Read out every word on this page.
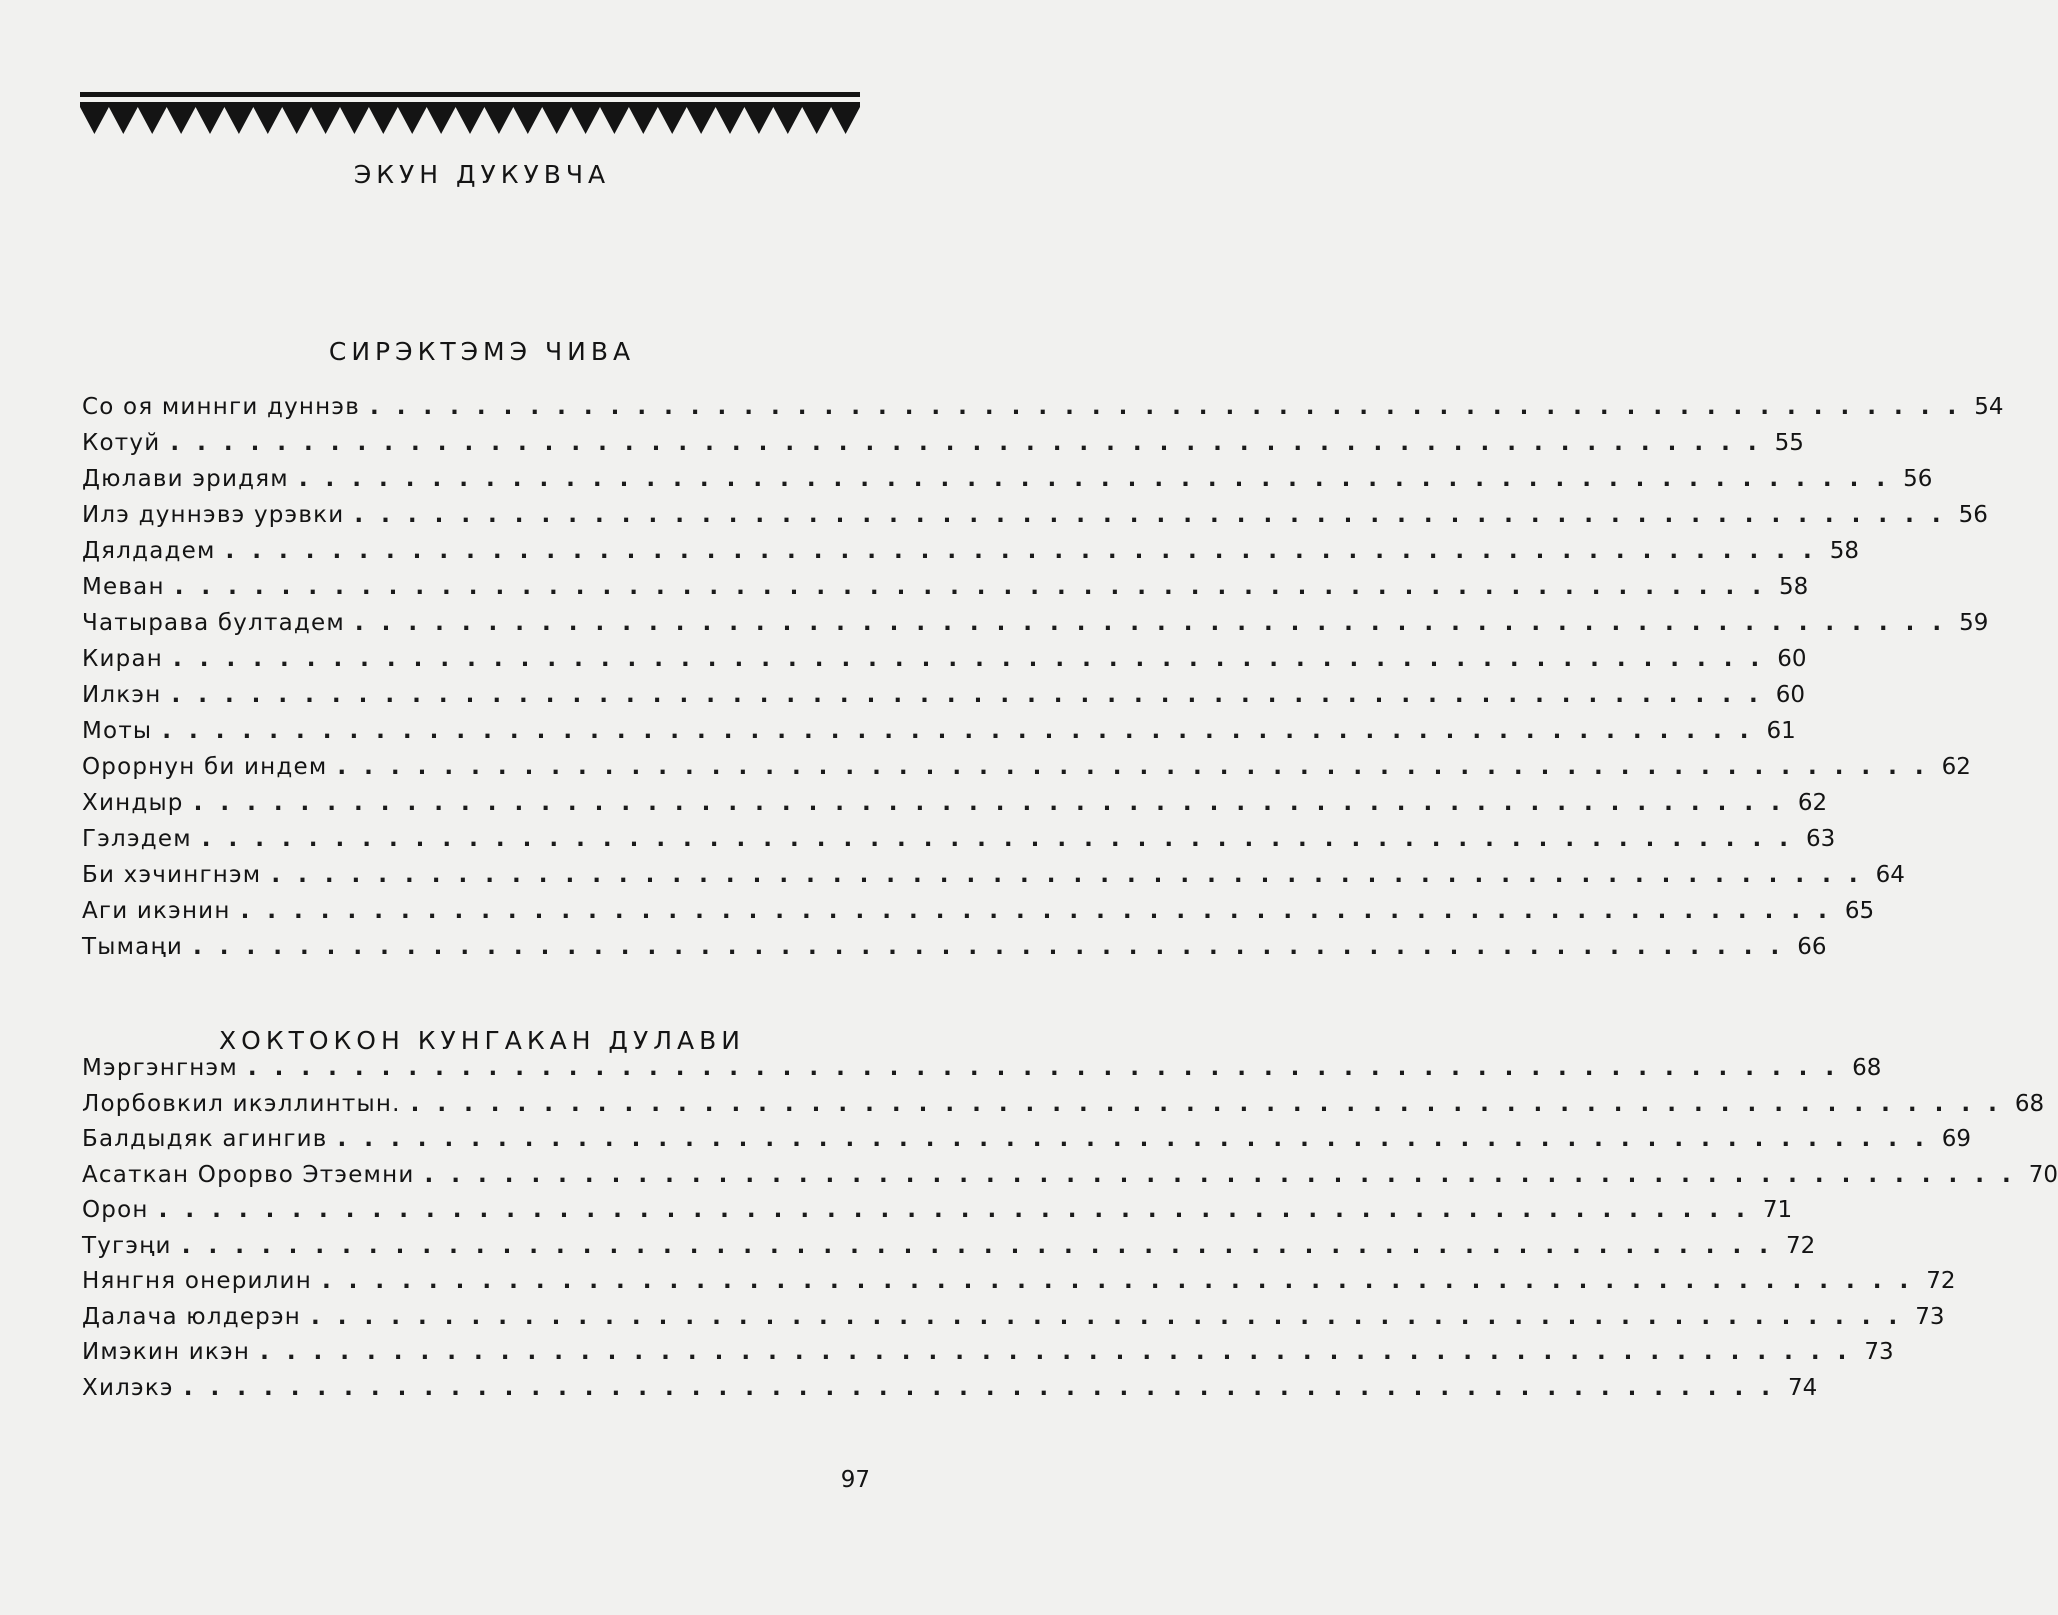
ЭКУН ДУКУВЧА
СИРЭКТЭМЭ ЧИВА
Со оя миннги дуннэв ............................................................ 54
Котуй ............................................................ 55
Дюлави эридям ............................................................ 56
Илэ дуннэвэ урэвки ............................................................ 56
Дялдадем ............................................................ 58
Меван ............................................................ 58
Чатырава бултадем ............................................................ 59
Киран ............................................................ 60
Илкэн ............................................................ 60
Моты ............................................................ 61
Орорнун би индем ............................................................ 62
Хиндыр ............................................................ 62
Гэлэдем ............................................................ 63
Би хэчингнэм ............................................................ 64
Аги икэнин ............................................................ 65
Тымаңи ............................................................ 66
ХОКТОКОН КУНГАКАН ДУЛАВИ
Мэргэнгнэм ............................................................ 68
Лорбовкил икэллинтын. ............................................................ 68
Балдыдяк агингив ............................................................ 69
Асаткан Ороpво Этэемни ............................................................ 70
Орон ............................................................ 71
Тугэңи ............................................................ 72
Нянгня онерилин ............................................................ 72
Далача юлдерэн ............................................................ 73
Имэкин икэн ............................................................ 73
Хилэкэ ............................................................ 74
97
